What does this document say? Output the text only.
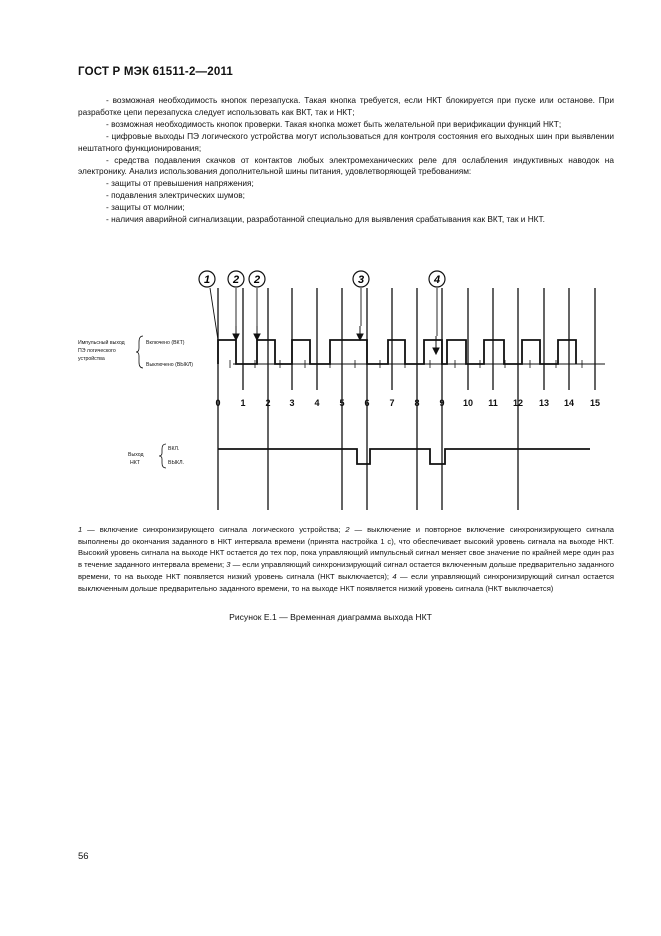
ГОСТ Р МЭК 61511-2—2011

- возможная необходимость кнопок перезапуска. Такая кнопка требуется, если НКТ блокируется при пуске или останове. При разработке цепи перезапуска следует использовать как ВКТ, так и НКТ;

- возможная необходимость кнопок проверки. Такая кнопка может быть желательной при верификации функций НКТ;

- цифровые выходы ПЭ логического устройства могут использоваться для контроля состояния его выходных шин при выявлении нештатного функционирования;

- средства подавления скачков от контактов любых электромеханических реле для ослабления индуктивных наводок на электронику. Анализ использования дополнительной шины питания, удовлетворяющей требованиям:

- защиты от превышения напряжения;

- подавления электрических шумов;

- защиты от молнии;

- наличия аварийной сигнализации, разработанной специально для выявления срабатывания как ВКТ, так и НКТ.

1 2 2	3	4
Импульсный выход
ПЭ логического
устройства
Включено (ВКТ)
Выключено (ВЫКЛ)
0 1 2 3 4 5 6 7 8 9 10 11 12 13 14 15
Выход
НКТ
ВКЛ.
ВЫКЛ.
1 — включение синхронизирующего сигнала логического устройства; 2 — выключение и повторное включение синхронизирующего сигнала выполнены до окончания заданного в НКТ интервала времени (принята настройка 1 с), что обеспечивает высокий уровень сигнала на выходе НКТ. Высокий уровень сигнала на выходе НКТ остается до тех пор, пока управляющий импульсный сигнал меняет свое значение по крайней мере один раз в течение заданного интервала времени; 3 — если управляющий синхронизирующий сигнал остается включенным дольше предварительно заданного времени, то на выходе НКТ появляется низкий уровень сигнала (НКТ выключается); 4 — если управляющий синхронизирующий сигнал остается выключенным дольше предварительно заданного времени, то на выходе НКТ появляется низкий уровень сигнала (НКТ выключается)
Рисунок Е.1 — Временная диаграмма выхода НКТ
56
